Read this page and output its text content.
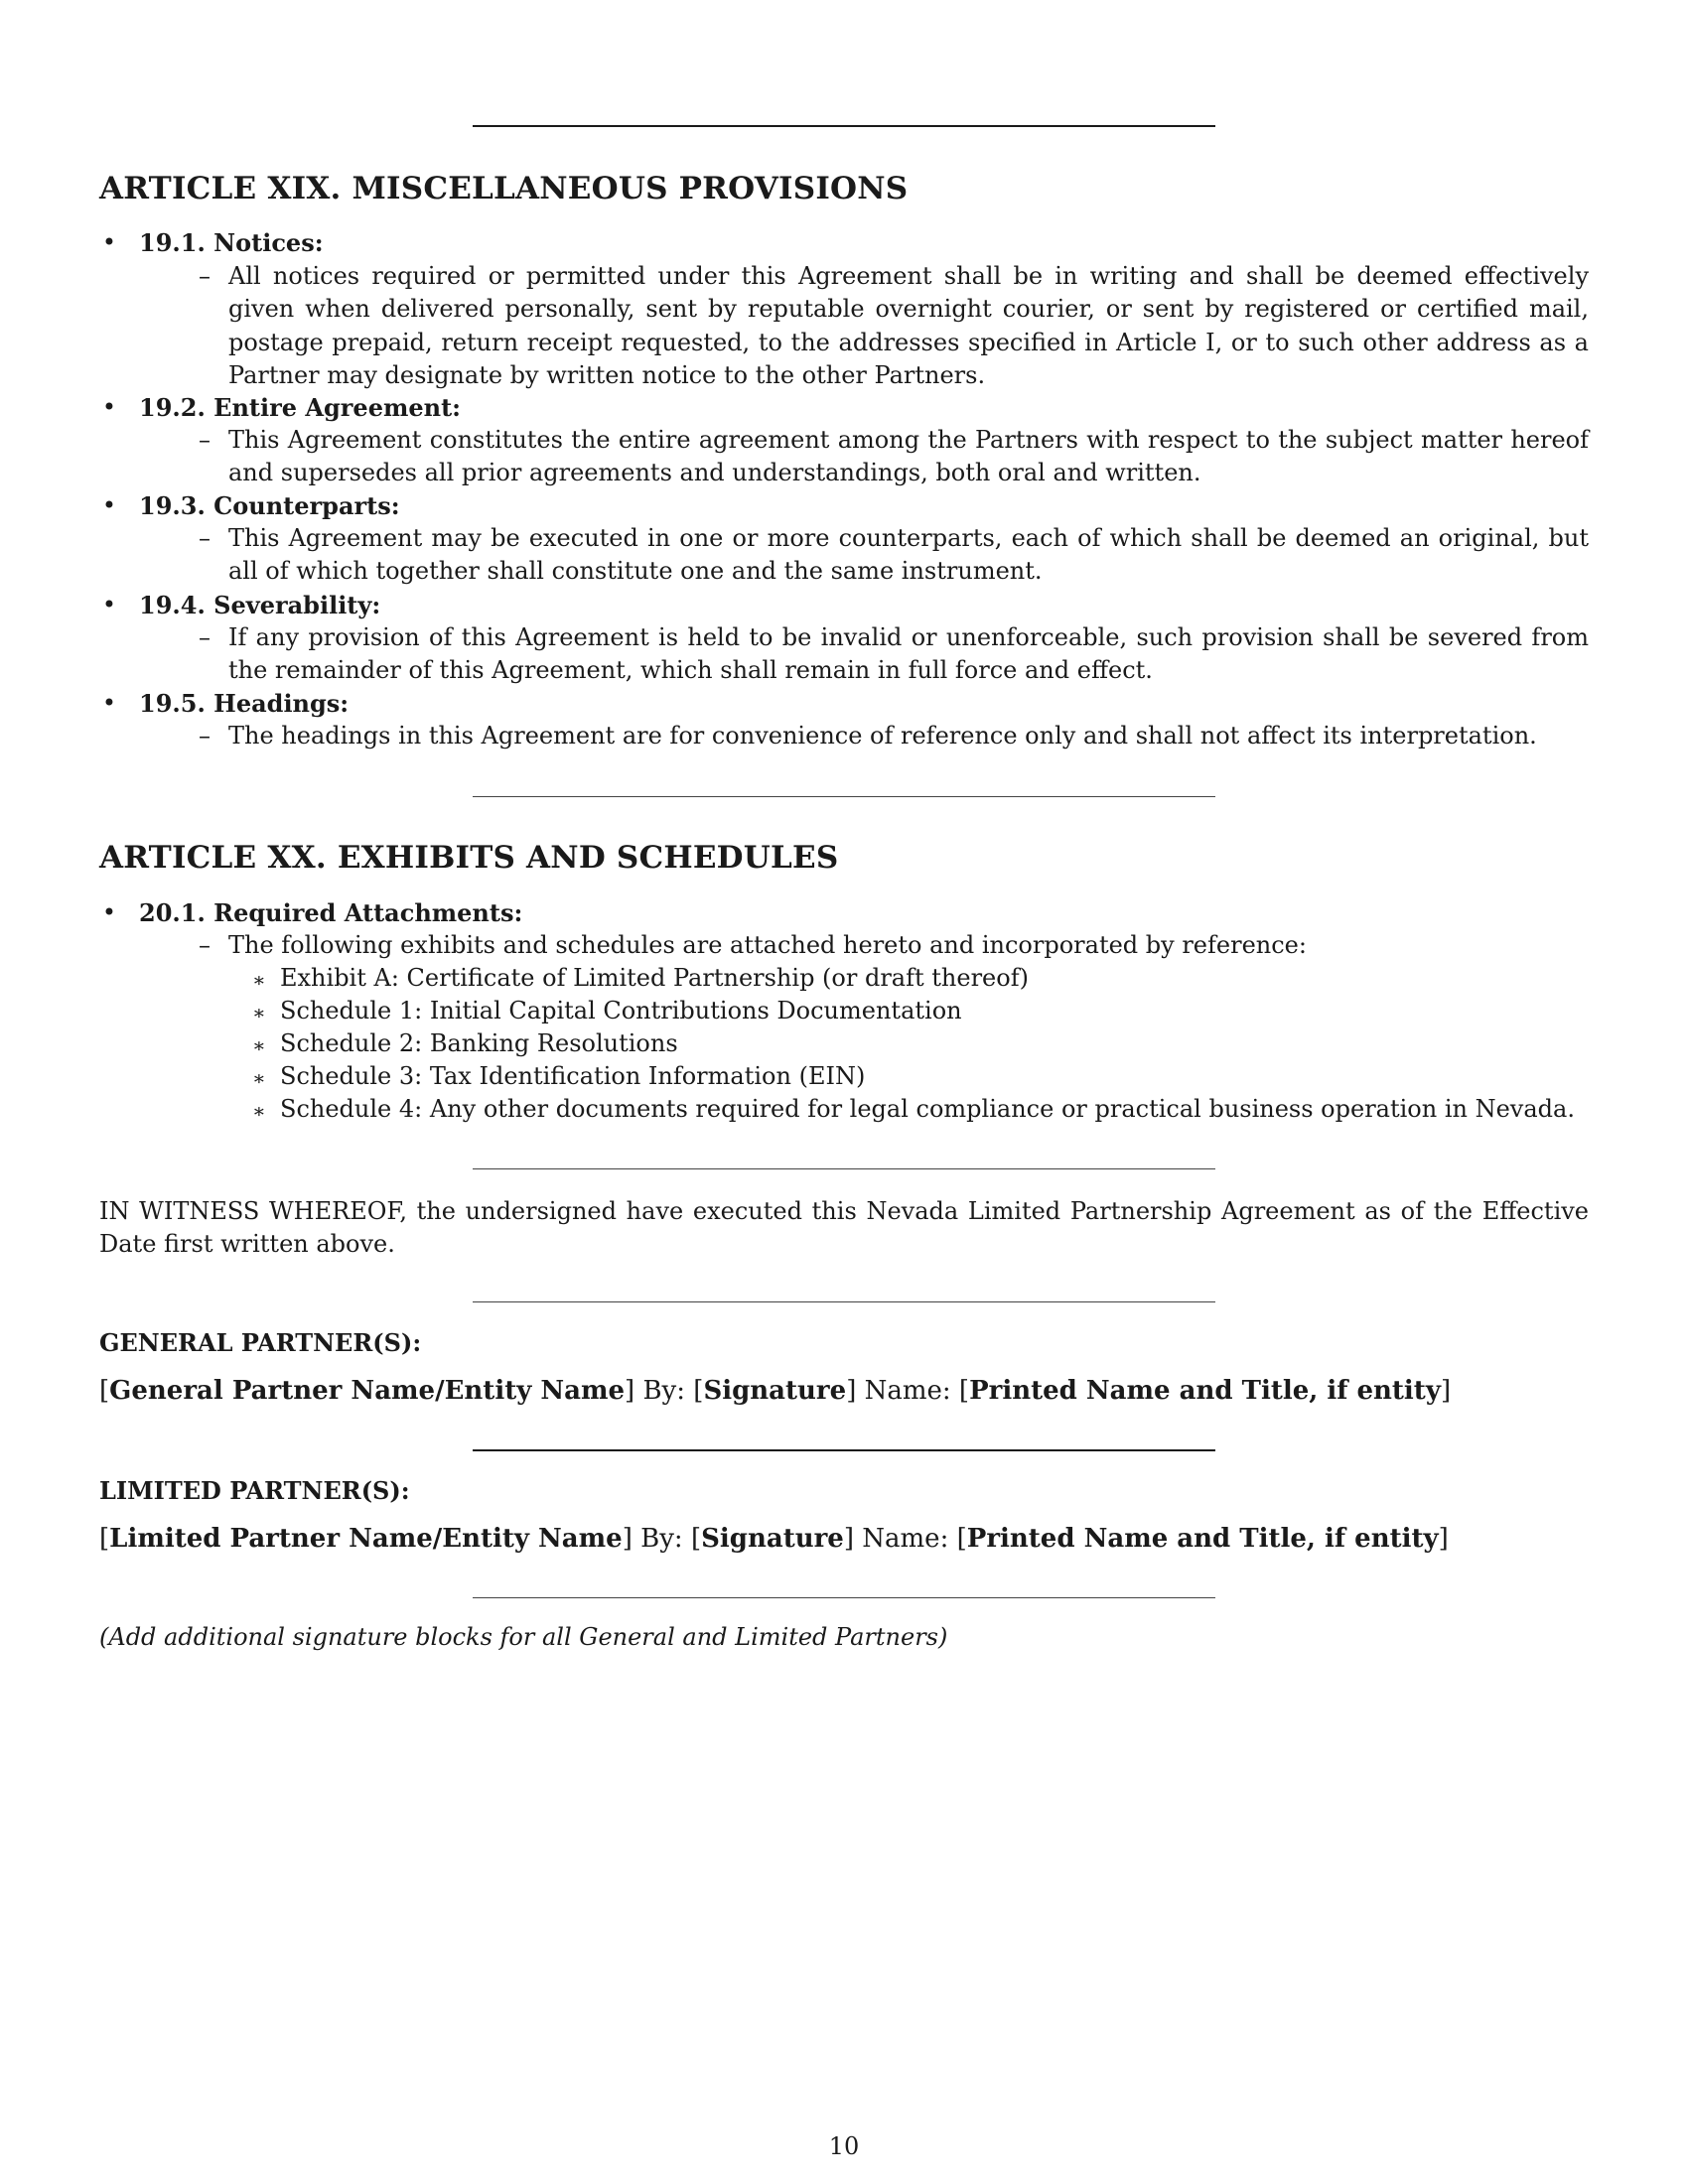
ARTICLE XIX. MISCELLANEOUS PROVISIONS
• 19.1. Notices:
– All notices required or permitted under this Agreement shall be in writing and shall be deemed effectively given when delivered personally, sent by reputable overnight courier, or sent by registered or certified mail, postage prepaid, return receipt requested, to the addresses specified in Article I, or to such other address as a Partner may designate by written notice to the other Partners.
• 19.2. Entire Agreement:
– This Agreement constitutes the entire agreement among the Partners with respect to the subject matter hereof and supersedes all prior agreements and understandings, both oral and written.
• 19.3. Counterparts:
– This Agreement may be executed in one or more counterparts, each of which shall be deemed an original, but all of which together shall constitute one and the same instrument.
• 19.4. Severability:
– If any provision of this Agreement is held to be invalid or unenforceable, such provision shall be severed from the remainder of this Agreement, which shall remain in full force and effect.
• 19.5. Headings:
– The headings in this Agreement are for convenience of reference only and shall not affect its interpretation.
ARTICLE XX. EXHIBITS AND SCHEDULES
• 20.1. Required Attachments:
– The following exhibits and schedules are attached hereto and incorporated by reference:
∗ Exhibit A: Certificate of Limited Partnership (or draft thereof)
∗ Schedule 1: Initial Capital Contributions Documentation
∗ Schedule 2: Banking Resolutions
∗ Schedule 3: Tax Identification Information (EIN)
∗ Schedule 4: Any other documents required for legal compliance or practical business operation in Nevada.
IN WITNESS WHEREOF, the undersigned have executed this Nevada Limited Partnership Agreement as of the Effective Date first written above.
GENERAL PARTNER(S):
[General Partner Name/Entity Name] By: [Signature] Name: [Printed Name and Title, if entity]
LIMITED PARTNER(S):
[Limited Partner Name/Entity Name] By: [Signature] Name: [Printed Name and Title, if entity]
(Add additional signature blocks for all General and Limited Partners)
10
